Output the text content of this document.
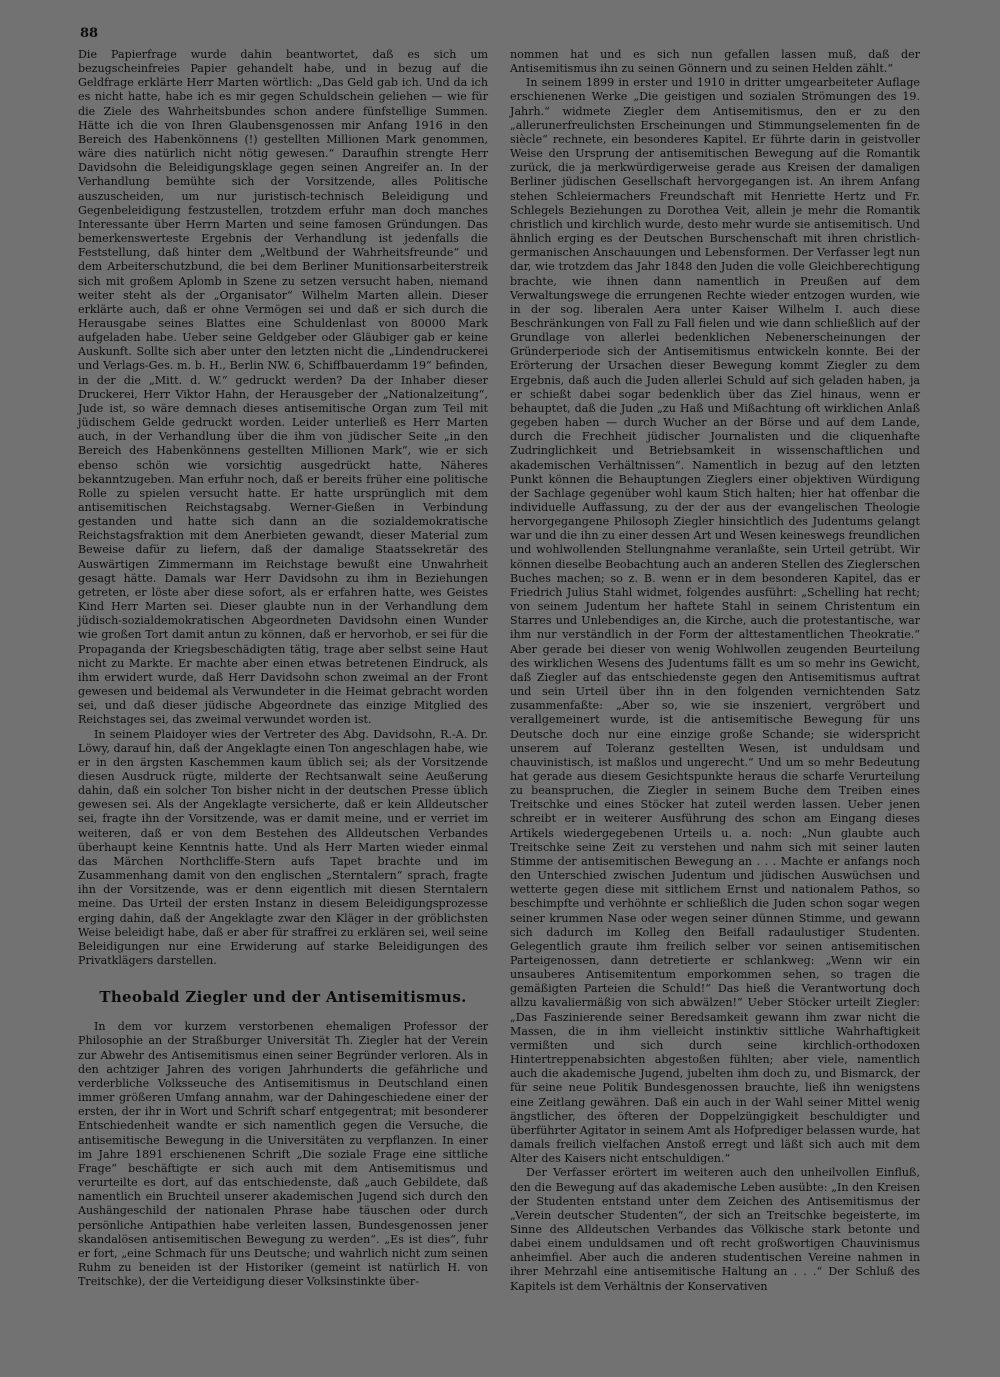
88

Die Papierfrage wurde dahin beantwortet, daß es sich um bezugscheinfreies Papier gehandelt habe, und in bezug auf die Geldfrage erklärte Herr Marten wörtlich: „Das Geld gab ich. Und da ich es nicht hatte, habe ich es mir gegen Schuldschein geliehen — wie für die Ziele des Wahrheitsbundes schon andere fünfstellige Summen. Hätte ich die von Ihren Glaubensgenossen mir Anfang 1916 in den Bereich des Habenkönnens (!) gestellten Millionen Mark genommen, wäre dies natürlich nicht nötig gewesen.“ Daraufhin strengte Herr Davidsohn die Beleidigungsklage gegen seinen Angreifer an. In der Verhandlung bemühte sich der Vorsitzende, alles Politische auszuscheiden, um nur juristisch-technisch Beleidigung und Gegenbeleidigung festzustellen, trotzdem erfuhr man doch manches Interessante über Herrn Marten und seine famosen Gründungen. Das bemerkenswerteste Ergebnis der Verhandlung ist jedenfalls die Feststellung, daß hinter dem „Weltbund der Wahrheitsfreunde“ und dem Arbeiterschutzbund, die bei dem Berliner Munitionsarbeiterstreik sich mit großem Aplomb in Szene zu setzen versucht haben, niemand weiter steht als der „Organisator“ Wilhelm Marten allein. Dieser erklärte auch, daß er ohne Vermögen sei und daß er sich durch die Herausgabe seines Blattes eine Schuldenlast von 80000 Mark aufgeladen habe. Ueber seine Geldgeber oder Gläubiger gab er keine Auskunft. Sollte sich aber unter den letzten nicht die „Lindendruckerei und Verlags-Ges. m. b. H., Berlin NW. 6, Schiffbauerdamm 19“ befinden, in der die „Mitt. d. W.“ gedruckt werden? Da der Inhaber dieser Druckerei, Herr Viktor Hahn, der Herausgeber der „Nationalzeitung“, Jude ist, so wäre demnach dieses antisemitische Organ zum Teil mit jüdischem Gelde gedruckt worden. Leider unterließ es Herr Marten auch, in der Verhandlung über die ihm von jüdischer Seite „in den Bereich des Habenkönnens gestellten Millionen Mark“, wie er sich ebenso schön wie vorsichtig ausgedrückt hatte, Näheres bekanntzugeben. Man erfuhr noch, daß er bereits früher eine politische Rolle zu spielen versucht hatte. Er hatte ursprünglich mit dem antisemitischen Reichstagsabg. Werner-Gießen in Verbindung gestanden und hatte sich dann an die sozialdemokratische Reichstagsfraktion mit dem Anerbieten gewandt, dieser Material zum Beweise dafür zu liefern, daß der damalige Staatssekretär des Auswärtigen Zimmermann im Reichstage bewußt eine Unwahrheit gesagt hätte. Damals war Herr Davidsohn zu ihm in Beziehungen getreten, er löste aber diese sofort, als er erfahren hatte, wes Geistes Kind Herr Marten sei. Dieser glaubte nun in der Verhandlung dem jüdisch-sozialdemokratischen Abgeordneten Davidsohn einen Wunder wie großen Tort damit antun zu können, daß er hervorhob, er sei für die Propaganda der Kriegsbeschädigten tätig, trage aber selbst seine Haut nicht zu Markte. Er machte aber einen etwas betretenen Eindruck, als ihm erwidert wurde, daß Herr Davidsohn schon zweimal an der Front gewesen und beidemal als Verwundeter in die Heimat gebracht worden sei, und daß dieser jüdische Abgeordnete das einzige Mitglied des Reichstages sei, das zweimal verwundet worden ist.

In seinem Plaidoyer wies der Vertreter des Abg. Davidsohn, R.-A. Dr. Löwy, darauf hin, daß der Angeklagte einen Ton angeschlagen habe, wie er in den ärgsten Kaschemmen kaum üblich sei; als der Vorsitzende diesen Ausdruck rügte, milderte der Rechtsanwalt seine Aeußerung dahin, daß ein solcher Ton bisher nicht in der deutschen Presse üblich gewesen sei. Als der Angeklagte versicherte, daß er kein Alldeutscher sei, fragte ihn der Vorsitzende, was er damit meine, und er verriet im weiteren, daß er von dem Bestehen des Alldeutschen Verbandes überhaupt keine Kenntnis hatte. Und als Herr Marten wieder einmal das Märchen Northcliffe-Stern aufs Tapet brachte und im Zusammenhang damit von den englischen „Sterntalern“ sprach, fragte ihn der Vorsitzende, was er denn eigentlich mit diesen Sterntalern meine. Das Urteil der ersten Instanz in diesem Beleidigungsprozesse erging dahin, daß der Angeklagte zwar den Kläger in der gröblichsten Weise beleidigt habe, daß er aber für straffrei zu erklären sei, weil seine Beleidigungen nur eine Erwiderung auf starke Beleidigungen des Privatklägers darstellen.

Theobald Ziegler und der Antisemitismus.

In dem vor kurzem verstorbenen ehemaligen Professor der Philosophie an der Straßburger Universität Th. Ziegler hat der Verein zur Abwehr des Antisemitismus einen seiner Begründer verloren. Als in den achtziger Jahren des vorigen Jahrhunderts die gefährliche und verderbliche Volksseuche des Antisemitismus in Deutschland einen immer größeren Umfang annahm, war der Dahingeschiedene einer der ersten, der ihr in Wort und Schrift scharf entgegentrat; mit besonderer Entschiedenheit wandte er sich namentlich gegen die Versuche, die antisemitische Bewegung in die Universitäten zu verpflanzen. In einer im Jahre 1891 erschienenen Schrift „Die soziale Frage eine sittliche Frage“ beschäftigte er sich auch mit dem Antisemitismus und verurteilte es dort, auf das entschiedenste, daß „auch Gebildete, daß namentlich ein Bruchteil unserer akademischen Jugend sich durch den Aushängeschild der nationalen Phrase habe täuschen oder durch persönliche Antipathien habe verleiten lassen, Bundesgenossen jener skandalösen antisemitischen Bewegung zu werden“. „Es ist dies“, fuhr er fort, „eine Schmach für uns Deutsche; und wahrlich nicht zum seinen Ruhm zu beneiden ist der Historiker (gemeint ist natürlich H. von Treitschke), der die Verteidigung dieser Volksinstinkte über-

nommen hat und es sich nun gefallen lassen muß, daß der Antisemitismus ihn zu seinen Gönnern und zu seinen Helden zählt.“

In seinem 1899 in erster und 1910 in dritter umgearbeiteter Auflage erschienenen Werke „Die geistigen und sozialen Strömungen des 19. Jahrh.“ widmete Ziegler dem Antisemitismus, den er zu den „allerunerfreulichsten Erscheinungen und Stimmungselementen fin de siècle“ rechnete, ein besonderes Kapitel. Er führte darin in geistvoller Weise den Ursprung der antisemitischen Bewegung auf die Romantik zurück, die ja merkwürdigerweise gerade aus Kreisen der damaligen Berliner jüdischen Gesellschaft hervorgegangen ist. An ihrem Anfang stehen Schleiermachers Freundschaft mit Henriette Hertz und Fr. Schlegels Beziehungen zu Dorothea Veit, allein je mehr die Romantik christlich und kirchlich wurde, desto mehr wurde sie antisemitisch. Und ähnlich erging es der Deutschen Burschenschaft mit ihren christlich-germanischen Anschauungen und Lebensformen. Der Verfasser legt nun dar, wie trotzdem das Jahr 1848 den Juden die volle Gleichberechtigung brachte, wie ihnen dann namentlich in Preußen auf dem Verwaltungswege die errungenen Rechte wieder entzogen wurden, wie in der sog. liberalen Aera unter Kaiser Wilhelm I. auch diese Beschränkungen von Fall zu Fall fielen und wie dann schließlich auf der Grundlage von allerlei bedenklichen Nebenerscheinungen der Gründerperiode sich der Antisemitismus entwickeln konnte. Bei der Erörterung der Ursachen dieser Bewegung kommt Ziegler zu dem Ergebnis, daß auch die Juden allerlei Schuld auf sich geladen haben, ja er schießt dabei sogar bedenklich über das Ziel hinaus, wenn er behauptet, daß die Juden „zu Haß und Mißachtung oft wirklichen Anlaß gegeben haben — durch Wucher an der Börse und auf dem Lande, durch die Frechheit jüdischer Journalisten und die cliquenhafte Zudringlichkeit und Betriebsamkeit in wissenschaftlichen und akademischen Verhältnissen“. Namentlich in bezug auf den letzten Punkt können die Behauptungen Zieglers einer objektiven Würdigung der Sachlage gegenüber wohl kaum Stich halten; hier hat offenbar die individuelle Auffassung, zu der der aus der evangelischen Theologie hervorgegangene Philosoph Ziegler hinsichtlich des Judentums gelangt war und die ihn zu einer dessen Art und Wesen keineswegs freundlichen und wohlwollenden Stellungnahme veranlaßte, sein Urteil getrübt. Wir können dieselbe Beobachtung auch an anderen Stellen des Zieglerschen Buches machen; so z. B. wenn er in dem besonderen Kapitel, das er Friedrich Julius Stahl widmet, folgendes ausführt: „Schelling hat recht; von seinem Judentum her haftete Stahl in seinem Christentum ein Starres und Unlebendiges an, die Kirche, auch die protestantische, war ihm nur verständlich in der Form der alttestamentlichen Theokratie.“ Aber gerade bei dieser von wenig Wohlwollen zeugenden Beurteilung des wirklichen Wesens des Judentums fällt es um so mehr ins Gewicht, daß Ziegler auf das entschiedenste gegen den Antisemitismus auftrat und sein Urteil über ihn in den folgenden vernichtenden Satz zusammenfaßte: „Aber so, wie sie inszeniert, vergröbert und verallgemeinert wurde, ist die antisemitische Bewegung für uns Deutsche doch nur eine einzige große Schande; sie widerspricht unserem auf Toleranz gestellten Wesen, ist unduldsam und chauvinistisch, ist maßlos und ungerecht.“ Und um so mehr Bedeutung hat gerade aus diesem Gesichtspunkte heraus die scharfe Verurteilung zu beanspruchen, die Ziegler in seinem Buche dem Treiben eines Treitschke und eines Stöcker hat zuteil werden lassen. Ueber jenen schreibt er in weiterer Ausführung des schon am Eingang dieses Artikels wiedergegebenen Urteils u. a. noch: „Nun glaubte auch Treitschke seine Zeit zu verstehen und nahm sich mit seiner lauten Stimme der antisemitischen Bewegung an . . . Machte er anfangs noch den Unterschied zwischen Judentum und jüdischen Auswüchsen und wetterte gegen diese mit sittlichem Ernst und nationalem Pathos, so beschimpfte und verhöhnte er schließlich die Juden schon sogar wegen seiner krummen Nase oder wegen seiner dünnen Stimme, und gewann sich dadurch im Kolleg den Beifall radaulustiger Studenten. Gelegentlich graute ihm freilich selber vor seinen antisemitischen Parteigenossen, dann detretierte er schlankweg: „Wenn wir ein unsauberes Antisemitentum emporkommen sehen, so tragen die gemäßigten Parteien die Schuld!“ Das hieß die Verantwortung doch allzu kavaliermäßig von sich abwälzen!“ Ueber Stöcker urteilt Ziegler: „Das Faszinierende seiner Beredsamkeit gewann ihm zwar nicht die Massen, die in ihm vielleicht instinktiv sittliche Wahrhaftigkeit vermißten und sich durch seine kirchlich-orthodoxen Hintertreppenabsichten abgestoßen fühlten; aber viele, namentlich auch die akademische Jugend, jubelten ihm doch zu, und Bismarck, der für seine neue Politik Bundesgenossen brauchte, ließ ihn wenigstens eine Zeitlang gewähren. Daß ein auch in der Wahl seiner Mittel wenig ängstlicher, des öfteren der Doppelzüngigkeit beschuldigter und überführter Agitator in seinem Amt als Hofprediger belassen wurde, hat damals freilich vielfachen Anstoß erregt und läßt sich auch mit dem Alter des Kaisers nicht entschuldigen.“

Der Verfasser erörtert im weiteren auch den unheilvollen Einfluß, den die Bewegung auf das akademische Leben ausübte: „In den Kreisen der Studenten entstand unter dem Zeichen des Antisemitismus der „Verein deutscher Studenten“, der sich an Treitschke begeisterte, im Sinne des Alldeutschen Verbandes das Völkische stark betonte und dabei einem unduldsamen und oft recht großwortigen Chauvinismus anheimfiel. Aber auch die anderen studentischen Vereine nahmen in ihrer Mehrzahl eine antisemitische Haltung an . . .“ Der Schluß des Kapitels ist dem Verhältnis der Konservativen
